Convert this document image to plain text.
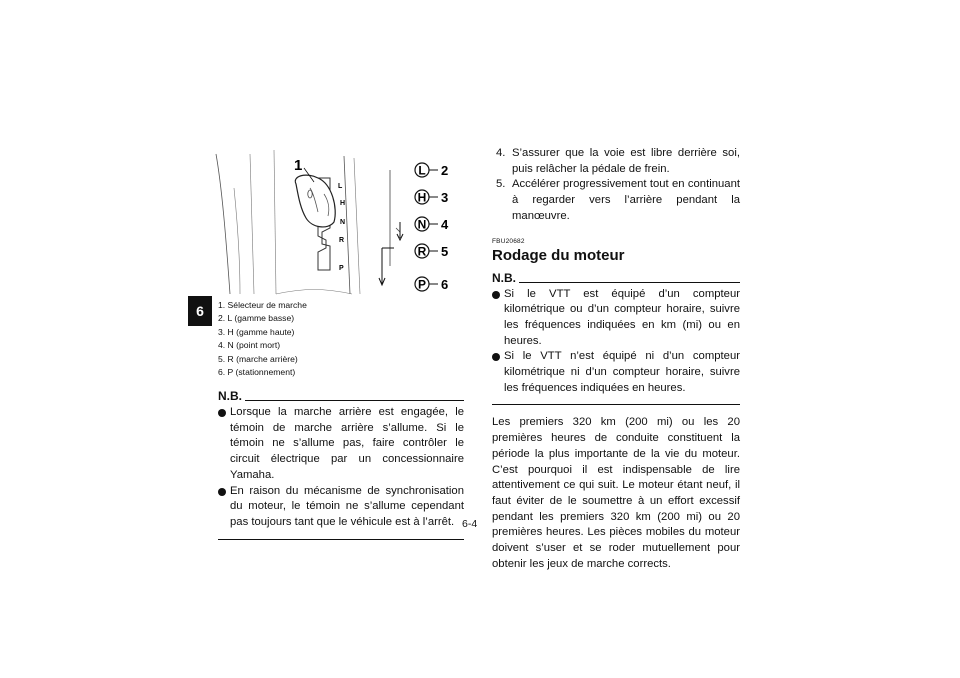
6
1
L
H
N
R
P
L 2
H 3
N 4
R 5
P 6
1. Sélecteur de marche
2. L (gamme basse)
3. H (gamme haute)
4. N (point mort)
5. R (marche arrière)
6. P (stationnement)
N.B.
Lorsque la marche arrière est engagée, le témoin de marche arrière s’allume. Si le témoin ne s’allume pas, faire contrôler le circuit électrique par un concessionnaire Yamaha.
En raison du mécanisme de synchronisation du moteur, le témoin ne s’allume cependant pas toujours tant que le véhicule est à l’arrêt.
4. S’assurer que la voie est libre derrière soi, puis relâcher la pédale de frein.
5. Accélérer progressivement tout en continuant à regarder vers l’arrière pendant la manœuvre.
FBU20682
Rodage du moteur
N.B.
Si le VTT est équipé d’un compteur kilométrique ou d’un compteur horaire, suivre les fréquences indiquées en km (mi) ou en heures.
Si le VTT n’est équipé ni d’un compteur kilométrique ni d’un compteur horaire, suivre les fréquences indiquées en heures.

Les premiers 320 km (200 mi) ou les 20 premières heures de conduite constituent la période la plus importante de la vie du moteur. C’est pourquoi il est indispensable de lire attentivement ce qui suit. Le moteur étant neuf, il faut éviter de le soumettre à un effort excessif pendant les premiers 320 km (200 mi) ou 20 premières heures. Les pièces mobiles du moteur doivent s’user et se roder mutuellement pour obtenir les jeux de marche corrects.

6-4
